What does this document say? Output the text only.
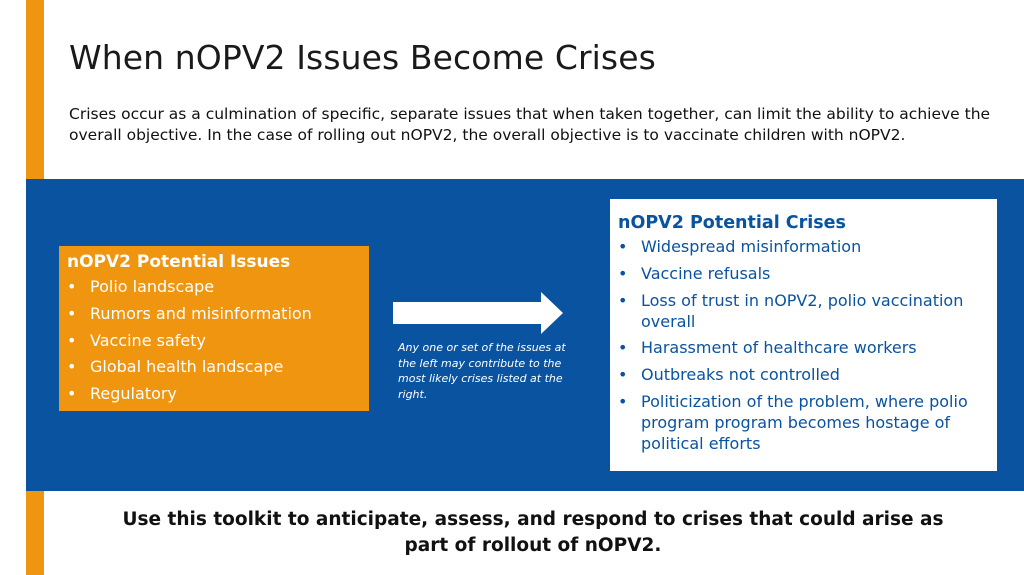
When nOPV2 Issues Become Crises

Crises occur as a culmination of specific, separate issues that when taken together, can limit the ability to achieve the overall objective. In the case of rolling out nOPV2, the overall objective is to vaccinate children with nOPV2.

nOPV2 Potential Issues
• Polio landscape
• Rumors and misinformation
• Vaccine safety
• Global health landscape
• Regulatory

Any one or set of the issues at the left may contribute to the most likely crises listed at the right.

nOPV2 Potential Crises
• Widespread misinformation
• Vaccine refusals
• Loss of trust in nOPV2, polio vaccination overall
• Harassment of healthcare workers
• Outbreaks not controlled
• Politicization of the problem, where polio program program becomes hostage of political efforts

Use this toolkit to anticipate, assess, and respond to crises that could arise as part of rollout of nOPV2.
